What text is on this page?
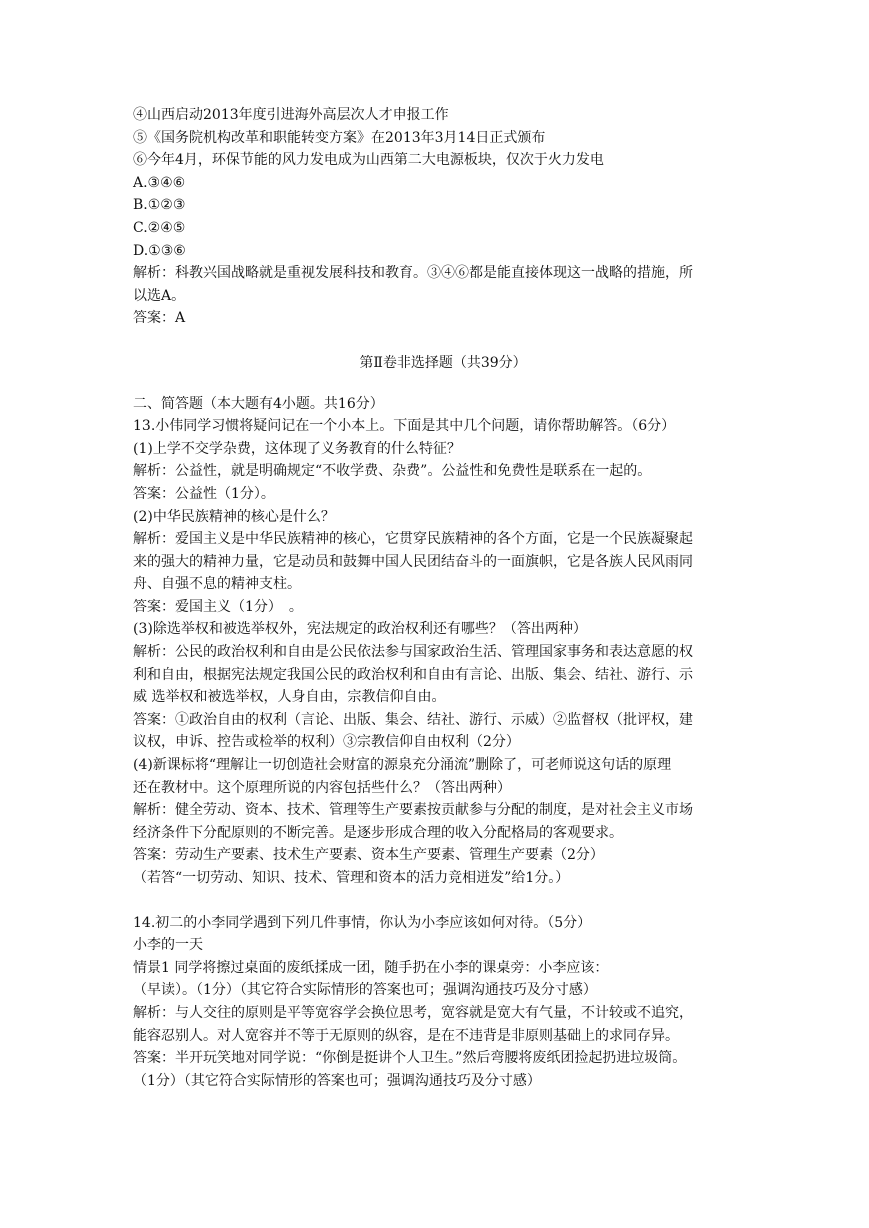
④山西启动2013年度引进海外高层次人才申报工作
⑤《国务院机构改革和职能转变方案》在2013年3月14日正式颁布
⑥今年4月，环保节能的风力发电成为山西第二大电源板块，仅次于火力发电
A.③④⑥
B.①②③
C.②④⑤
D.①③⑥
解析：科教兴国战略就是重视发展科技和教育。③④⑥都是能直接体现这一战略的措施，所
以选A。
答案：A
第Ⅱ卷非选择题（共39分）
二、简答题（本大题有4小题。共16分）
13.小伟同学习惯将疑问记在一个小本上。下面是其中几个问题，请你帮助解答。（6分）
(1)上学不交学杂费，这体现了义务教育的什么特征？
解析：公益性，就是明确规定“不收学费、杂费”。公益性和免费性是联系在一起的。
答案：公益性（1分）。
(2)中华民族精神的核心是什么？
解析：爱国主义是中华民族精神的核心，它贯穿民族精神的各个方面，它是一个民族凝聚起
来的强大的精神力量，它是动员和鼓舞中国人民团结奋斗的一面旗帜，它是各族人民风雨同
舟、自强不息的精神支柱。
答案：爱国主义（1分）　。
(3)除选举权和被选举权外，宪法规定的政治权利还有哪些？（答出两种）
解析：公民的政治权利和自由是公民依法参与国家政治生活、管理国家事务和表达意愿的权
利和自由，根据宪法规定我国公民的政治权利和自由有言论、出版、集会、结社、游行、示
威 选举权和被选举权，人身自由，宗教信仰自由。
答案：①政治自由的权利（言论、出版、集会、结社、游行、示威）②监督权（批评权，建
议权，申诉、控告或检举的权利）③宗教信仰自由权利（2分）
(4)新课标将“理解让一切创造社会财富的源泉充分涌流”删除了，可老师说这句话的原理
还在教材中。这个原理所说的内容包括些什么？（答出两种）
解析：健全劳动、资本、技术、管理等生产要素按贡献参与分配的制度，是对社会主义市场
经济条件下分配原则的不断完善。是逐步形成合理的收入分配格局的客观要求。
答案：劳动生产要素、技术生产要素、资本生产要素、管理生产要素（2分）
（若答“一切劳动、知识、技术、管理和资本的活力竞相迸发”给1分。）
14.初二的小李同学遇到下列几件事情，你认为小李应该如何对待。（5分）
小李的一天
情景1 同学将擦过桌面的废纸揉成一团，随手扔在小李的课桌旁：小李应该：
（早读）。（1分）（其它符合实际情形的答案也可；强调沟通技巧及分寸感）
解析：与人交往的原则是平等宽容学会换位思考，宽容就是宽大有气量，不计较或不追究，
能容忍别人。对人宽容并不等于无原则的纵容，是在不违背是非原则基础上的求同存异。
答案：半开玩笑地对同学说：“你倒是挺讲个人卫生。”然后弯腰将废纸团捡起扔进垃圾筒。
（1分）（其它符合实际情形的答案也可；强调沟通技巧及分寸感）
